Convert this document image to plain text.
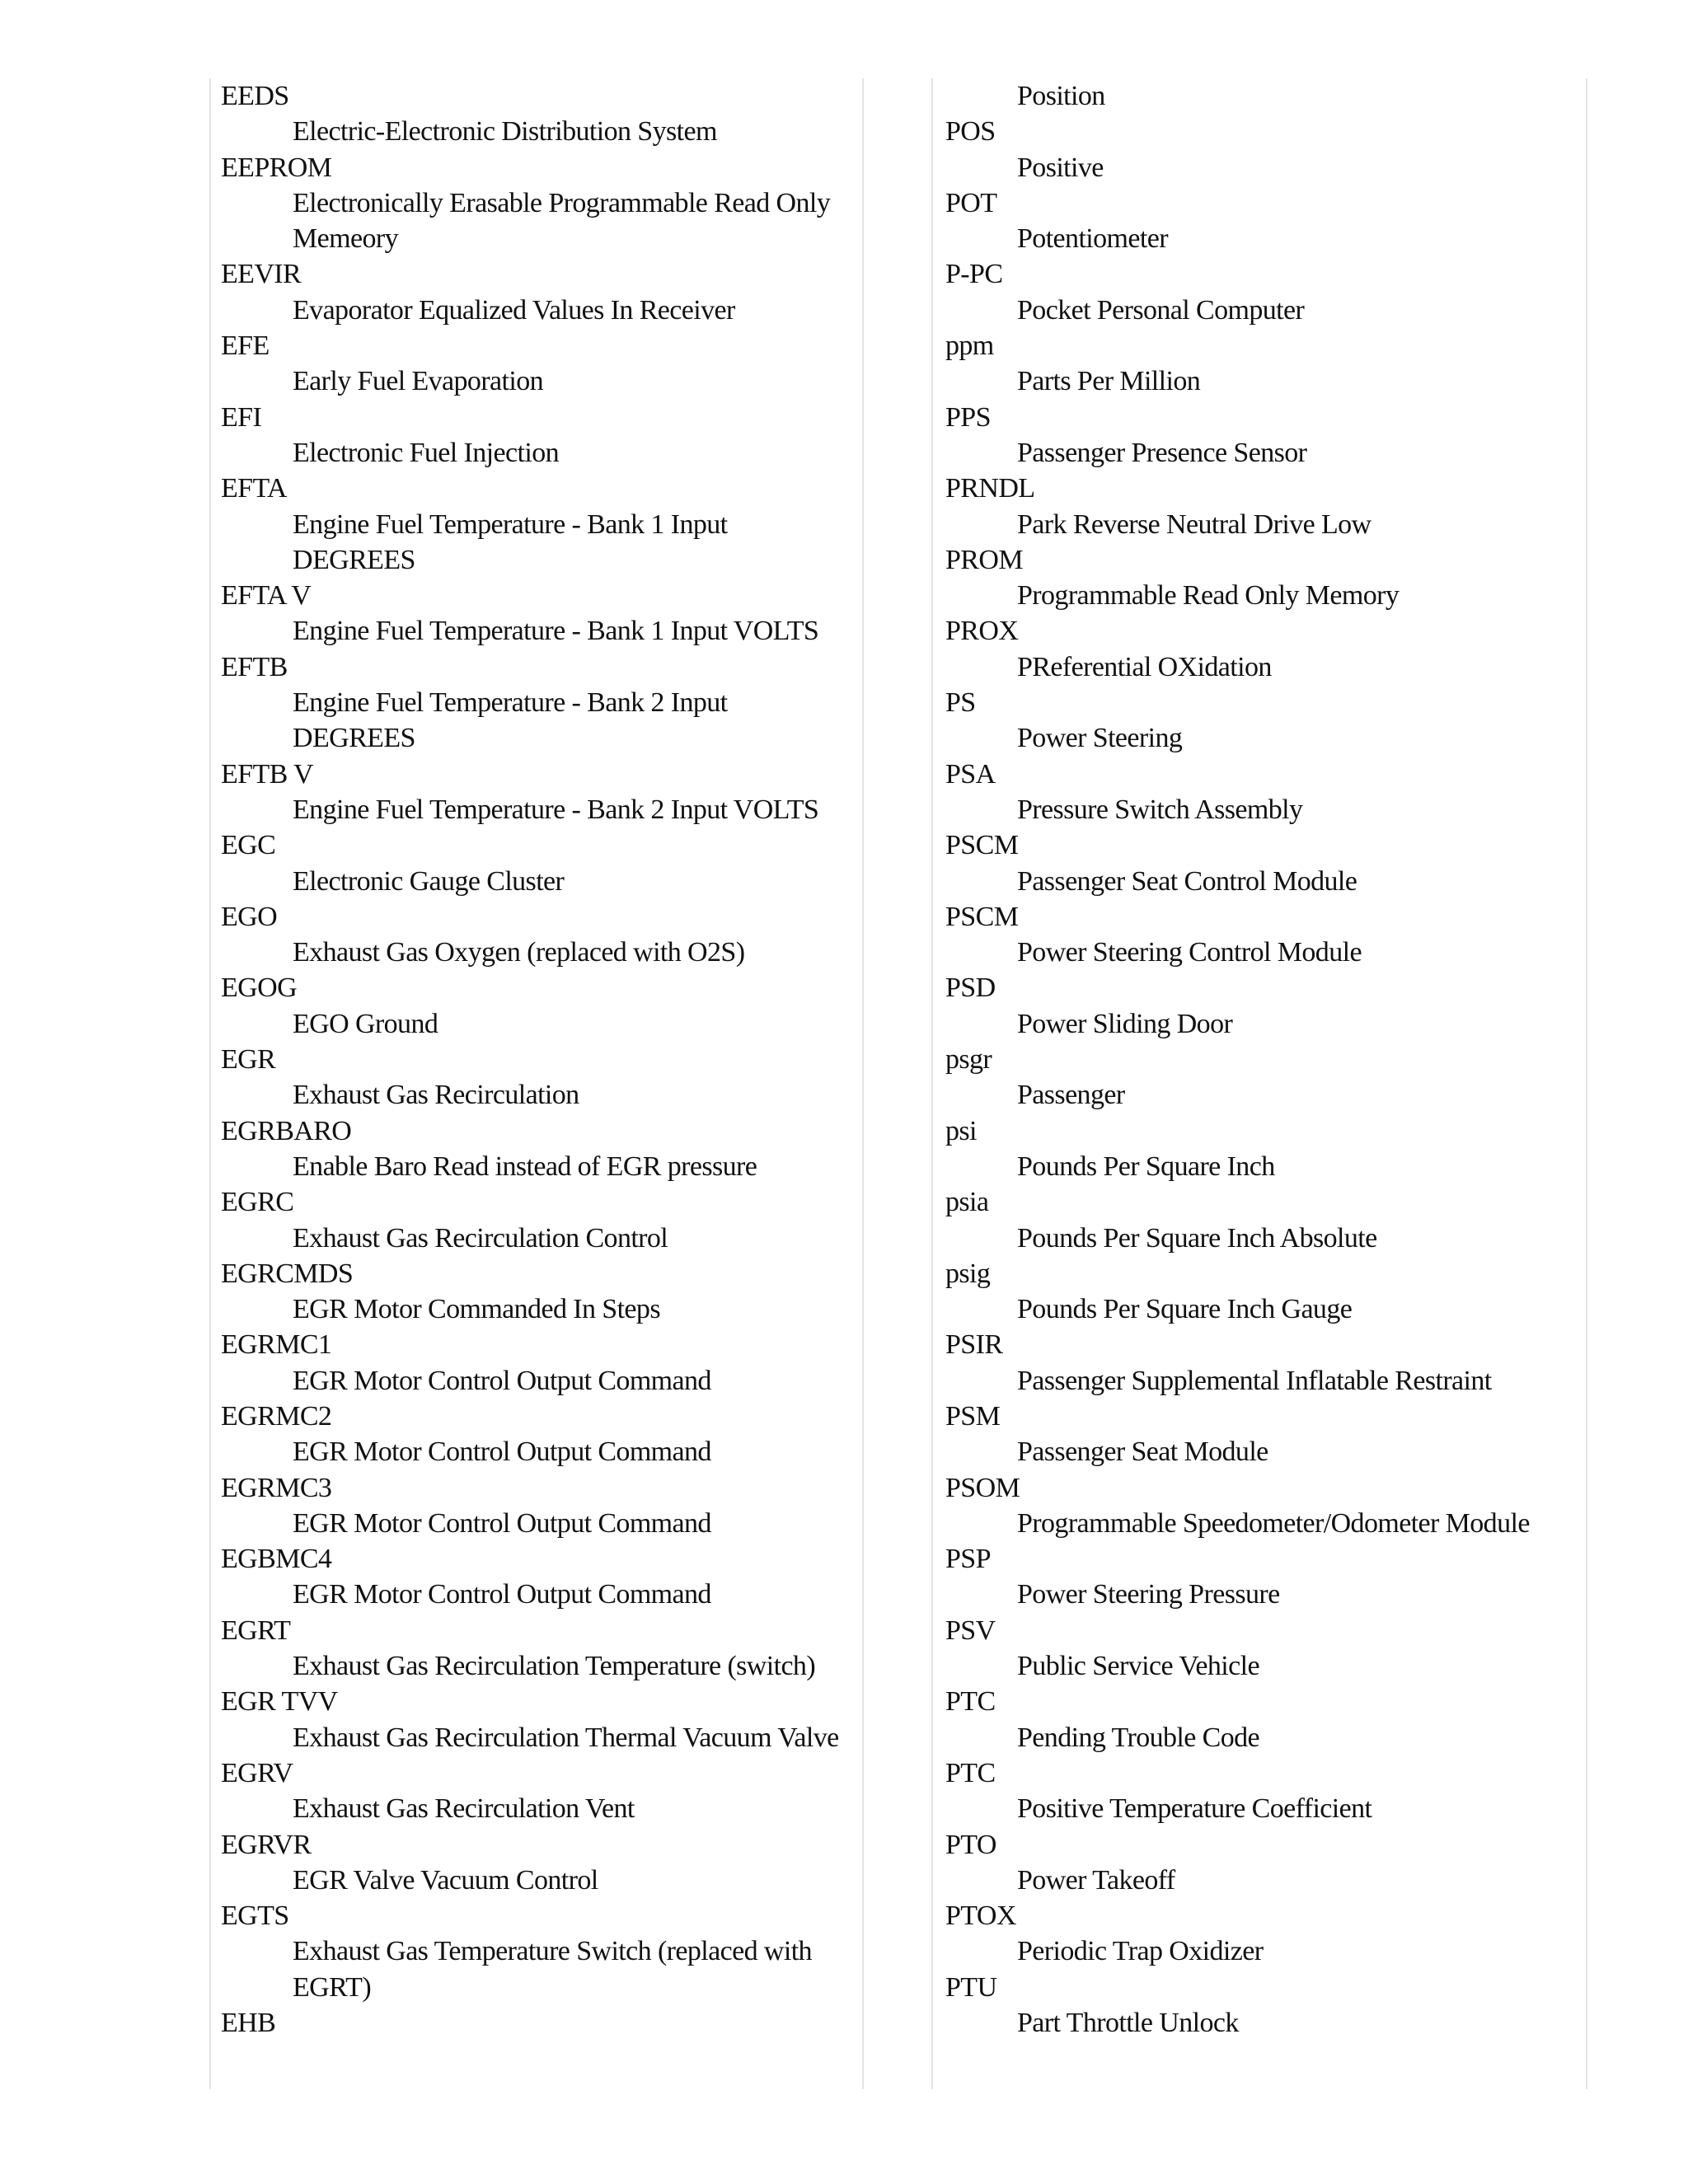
EEDS
Electric-Electronic Distribution System
EEPROM
Electronically Erasable Programmable Read Only
Memeory
EEVIR
Evaporator Equalized Values In Receiver
EFE
Early Fuel Evaporation
EFI
Electronic Fuel Injection
EFTA
Engine Fuel Temperature - Bank 1 Input
DEGREES
EFTA V
Engine Fuel Temperature - Bank 1 Input VOLTS
EFTB
Engine Fuel Temperature - Bank 2 Input
DEGREES
EFTB V
Engine Fuel Temperature - Bank 2 Input VOLTS
EGC
Electronic Gauge Cluster
EGO
Exhaust Gas Oxygen (replaced with O2S)
EGOG
EGO Ground
EGR
Exhaust Gas Recirculation
EGRBARO
Enable Baro Read instead of EGR pressure
EGRC
Exhaust Gas Recirculation Control
EGRCMDS
EGR Motor Commanded In Steps
EGRMC1
EGR Motor Control Output Command
EGRMC2
EGR Motor Control Output Command
EGRMC3
EGR Motor Control Output Command
EGBMC4
EGR Motor Control Output Command
EGRT
Exhaust Gas Recirculation Temperature (switch)
EGR TVV
Exhaust Gas Recirculation Thermal Vacuum Valve
EGRV
Exhaust Gas Recirculation Vent
EGRVR
EGR Valve Vacuum Control
EGTS
Exhaust Gas Temperature Switch (replaced with
EGRT)
EHB
Position
POS
Positive
POT
Potentiometer
P-PC
Pocket Personal Computer
ppm
Parts Per Million
PPS
Passenger Presence Sensor
PRNDL
Park Reverse Neutral Drive Low
PROM
Programmable Read Only Memory
PROX
PReferential OXidation
PS
Power Steering
PSA
Pressure Switch Assembly
PSCM
Passenger Seat Control Module
PSCM
Power Steering Control Module
PSD
Power Sliding Door
psgr
Passenger
psi
Pounds Per Square Inch
psia
Pounds Per Square Inch Absolute
psig
Pounds Per Square Inch Gauge
PSIR
Passenger Supplemental Inflatable Restraint
PSM
Passenger Seat Module
PSOM
Programmable Speedometer/Odometer Module
PSP
Power Steering Pressure
PSV
Public Service Vehicle
PTC
Pending Trouble Code
PTC
Positive Temperature Coefficient
PTO
Power Takeoff
PTOX
Periodic Trap Oxidizer
PTU
Part Throttle Unlock
